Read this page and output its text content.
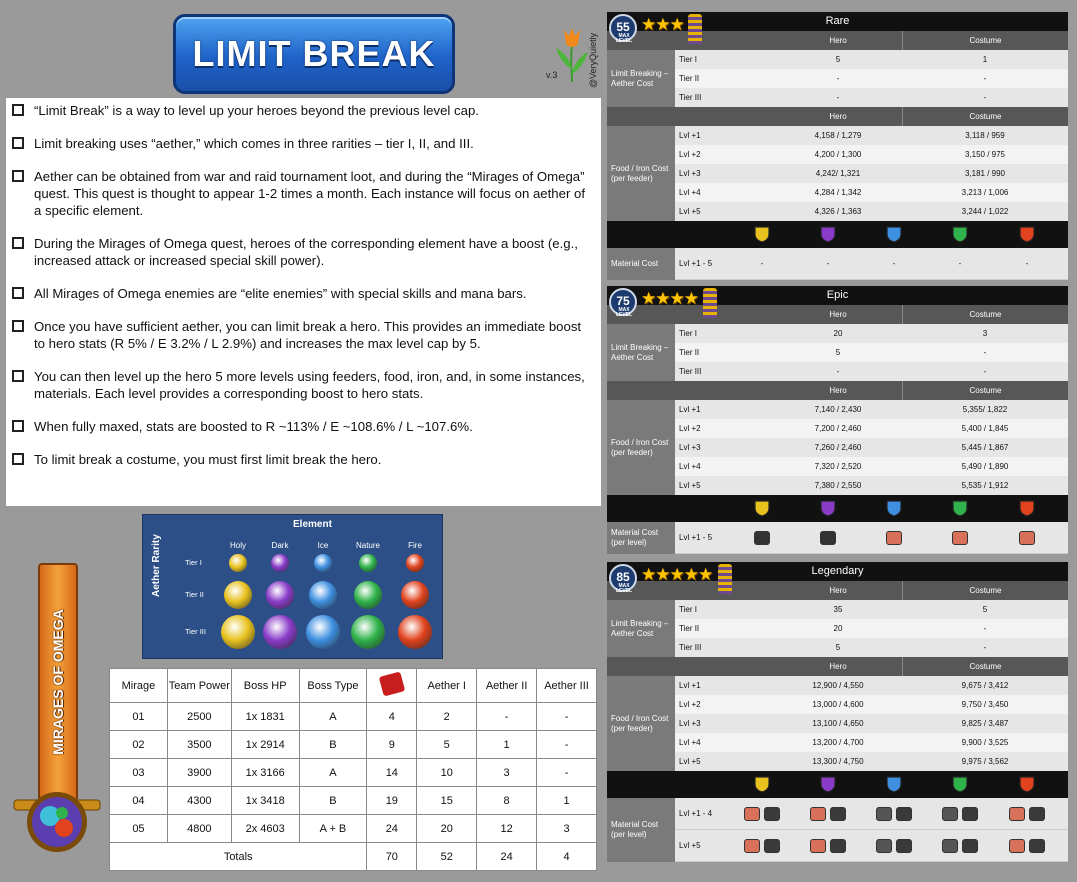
LIMIT BREAK
v.3	@VeryQuietly
“Limit Break” is a way to level up your heroes beyond the previous level cap.
Limit breaking uses “aether,” which comes in three rarities – tier I, II, and III.
Aether can be obtained from war and raid tournament loot, and during the “Mirages of Omega” quest. This quest is thought to appear 1-2 times a month. Each instance will focus on aether of a specific element.
During the Mirages of Omega quest, heroes of the corresponding element have a boost (e.g., increased attack or increased special skill power).
All Mirages of Omega enemies are “elite enemies” with special skills and mana bars.
Once you have sufficient aether, you can limit break a hero. This provides an immediate boost to hero stats (R 5% / E 3.2% / L 2.9%) and increases the max level cap by 5.
You can then level up the hero 5 more levels using feeders, food, iron, and, in some instances, materials. Each level provides a corresponding boost to hero stats.
When fully maxed, stats are boosted to R ~113% / E ~108.6% / L ~107.6%.
To limit break a costume, you must first limit break the hero.
MIRAGES OF OMEGA
Element
Aether Rarity	Holy	Dark	Ice	Nature	Fire
Tier I
Tier II
Tier III
Mirage	Team Power	Boss HP	Boss Type		Aether I	Aether II	Aether III
01	2500	1x 1831	A	4	2	-	-
02	3500	1x 2914	B	9	5	1	-
03	3900	1x 3166	A	14	10	3	-
04	4300	1x 3418	B	19	15	8	1
05	4800	2x 4603	A + B	24	20	12	3
Totals				70	52	24	4
Rare
55
MAX LEVEL
★★★
Hero	Costume
Tier I	5	1
Tier II	-	-
Tier III	-	-
Limit Breaking – Aether Cost
Hero	Costume
Lvl +1	4,158 / 1,279	3,118 / 959
Lvl +2	4,200 / 1,300	3,150 / 975
Lvl +3	4,242/ 1,321	3,181 / 990
Lvl +4	4,284 / 1,342	3,213 / 1,006
Lvl +5	4,326 / 1,363	3,244 / 1,022
Food / Iron Cost (per feeder)
Lvl +1 - 5	-	-	-	-	-
Material Cost
Epic
75
MAX LEVEL
★★★★
Hero	Costume
Tier I	20	3
Tier II	5	-
Tier III	-	-
Limit Breaking – Aether Cost
Hero	Costume
Lvl +1	7,140 / 2,430	5,355/ 1,822
Lvl +2	7,200 / 2,460	5,400 / 1,845
Lvl +3	7,260 / 2,460	5,445 / 1,867
Lvl +4	7,320 / 2,520	5,490 / 1,890
Lvl +5	7,380 / 2,550	5,535 / 1,912
Food / Iron Cost (per feeder)
Lvl +1 - 5
Material Cost (per level)
Legendary
85
MAX LEVEL
★★★★★
Hero	Costume
Tier I	35	5
Tier II	20	-
Tier III	5	-
Limit Breaking – Aether Cost
Hero	Costume
Lvl +1	12,900 / 4,550	9,675 / 3,412
Lvl +2	13,000 / 4,600	9,750 / 3,450
Lvl +3	13,100 / 4,650	9,825 / 3,487
Lvl +4	13,200 / 4,700	9,900 / 3,525
Lvl +5	13,300 / 4,750	9,975 / 3,562
Food / Iron Cost (per feeder)
Lvl +1 - 4
Lvl +5
Material Cost (per level)
